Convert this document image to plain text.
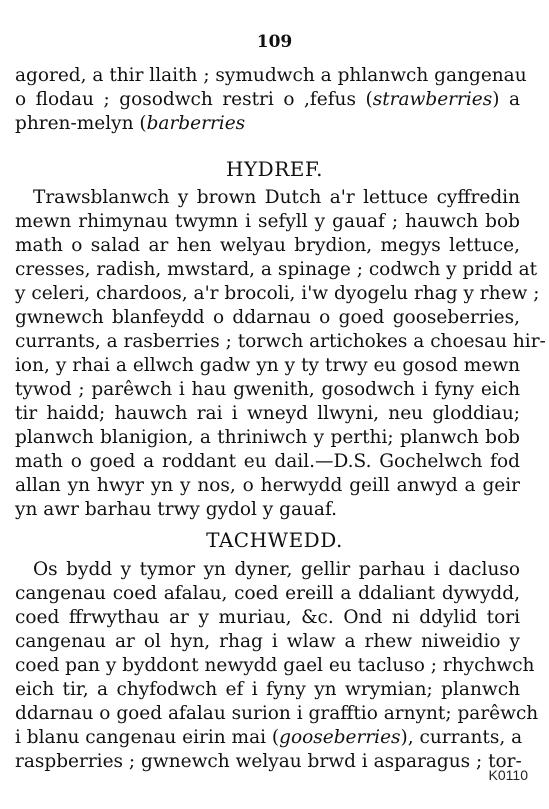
109
agored, a thir llaith ; symudwch a phlanwch gangenau
o flodau ; gosodwch restri o ,fefus (strawberries) a
phren-melyn (barberries
HYDREF.
Trawsblanwch y brown Dutch a'r lettuce cyffredin
mewn rhimynau twymn i sefyll y gauaf ; hauwch bob
math o salad ar hen welyau brydion, megys lettuce,
cresses, radish, mwstard, a spinage ; codwch y pridd at
y celeri, chardoos, a'r brocoli, i'w dyogelu rhag y rhew ;
gwnewch blanfeydd o ddarnau o goed gooseberries,
currants, a rasberries ; torwch artichokes a choesau hir-
ion, y rhai a ellwch gadw yn y ty trwy eu gosod mewn
tywod ; parêwch i hau gwenith, gosodwch i fyny eich
tir haidd; hauwch rai i wneyd llwyni, neu gloddiau;
planwch blanigion, a thriniwch y perthi; planwch bob
math o goed a roddant eu dail.—D.S. Gochelwch fod
allan yn hwyr yn y nos, o herwydd geill anwyd a geir
yn awr barhau trwy gydol y gauaf.
TACHWEDD.
Os bydd y tymor yn dyner, gellir parhau i dacluso
cangenau coed afalau, coed ereill a ddaliant dywydd,
coed ffrwythau ar y muriau, &c. Ond ni ddylid tori
cangenau ar ol hyn, rhag i wlaw a rhew niweidio y
coed pan y byddont newydd gael eu tacluso ; rhychwch
eich tir, a chyfodwch ef i fyny yn wrymian; planwch
ddarnau o goed afalau surion i grafftio arnynt; parêwch
i blanu cangenau eirin mai (gooseberries), currants, a
raspberries ; gwnewch welyau brwd i asparagus ; tor-
K0110
